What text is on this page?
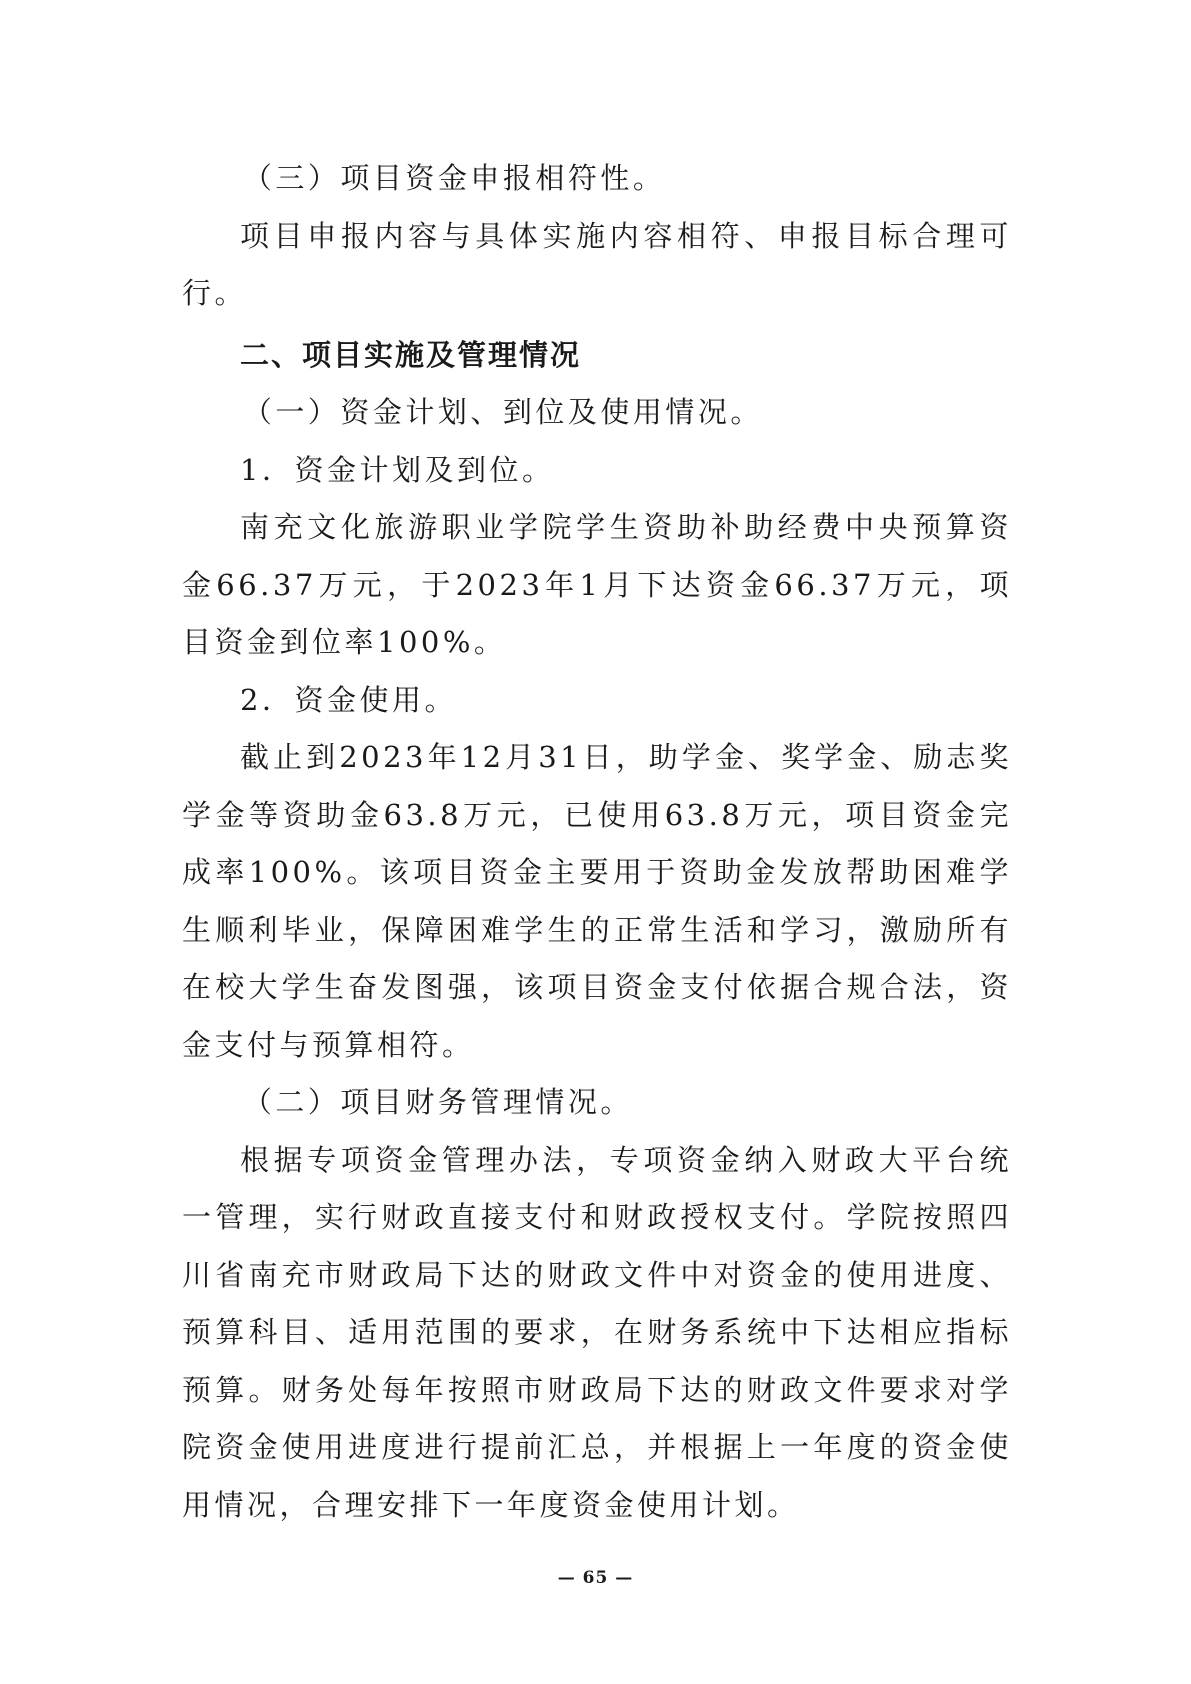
（三）项目资金申报相符性。

项目申报内容与具体实施内容相符、申报目标合理可行。

二、项目实施及管理情况

（一）资金计划、到位及使用情况。

1．资金计划及到位。

南充文化旅游职业学院学生资助补助经费中央预算资金66.37万元，于2023年1月下达资金66.37万元，项目资金到位率100%。

2．资金使用。

截止到2023年12月31日，助学金、奖学金、励志奖学金等资助金63.8万元，已使用63.8万元，项目资金完成率100%。该项目资金主要用于资助金发放帮助困难学生顺利毕业，保障困难学生的正常生活和学习，激励所有在校大学生奋发图强，该项目资金支付依据合规合法，资金支付与预算相符。

（二）项目财务管理情况。

根据专项资金管理办法，专项资金纳入财政大平台统一管理，实行财政直接支付和财政授权支付。学院按照四川省南充市财政局下达的财政文件中对资金的使用进度、预算科目、适用范围的要求，在财务系统中下达相应指标预算。财务处每年按照市财政局下达的财政文件要求对学院资金使用进度进行提前汇总，并根据上一年度的资金使用情况，合理安排下一年度资金使用计划。

— 65 —
